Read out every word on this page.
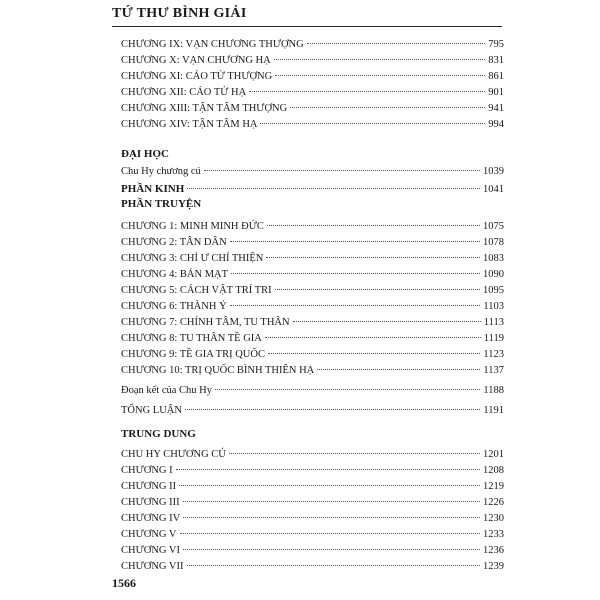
TỨ THƯ BÌNH GIẢI
CHƯƠNG IX: VẠN CHƯƠNG THƯỢNG	795
CHƯƠNG X: VẠN CHƯƠNG HẠ	831
CHƯƠNG XI: CÁO TỬ THƯỢNG	861
CHƯƠNG XII: CÁO TỬ HẠ	901
CHƯƠNG XIII: TẬN TÂM THƯỢNG	941
CHƯƠNG XIV: TẬN TÂM HẠ	994
ĐẠI HỌC
Chu Hy chương cú	1039
PHẦN KINH	1041
PHẦN TRUYỆN
CHƯƠNG 1: MINH MINH ĐỨC	1075
CHƯƠNG 2: TÂN DÂN	1078
CHƯƠNG 3: CHỈ Ư CHÍ THIỆN	1083
CHƯƠNG 4: BẢN MẠT	1090
CHƯƠNG 5: CÁCH VẬT TRÍ TRI	1095
CHƯƠNG 6: THÀNH Ý	1103
CHƯƠNG 7: CHÍNH TÂM, TU THÂN	1113
CHƯƠNG 8: TU THÂN TỀ GIA	1119
CHƯƠNG 9: TỀ GIA TRỊ QUỐC	1123
CHƯƠNG 10: TRỊ QUỐC BÌNH THIÊN HẠ	1137
Đoạn kết của Chu Hy	1188
TỔNG LUẬN	1191
TRUNG DUNG
CHU HY CHƯƠNG CÚ	1201
CHƯƠNG I	1208
CHƯƠNG II	1219
CHƯƠNG III	1226
CHƯƠNG IV	1230
CHƯƠNG V	1233
CHƯƠNG VI	1236
CHƯƠNG VII	1239
1566
